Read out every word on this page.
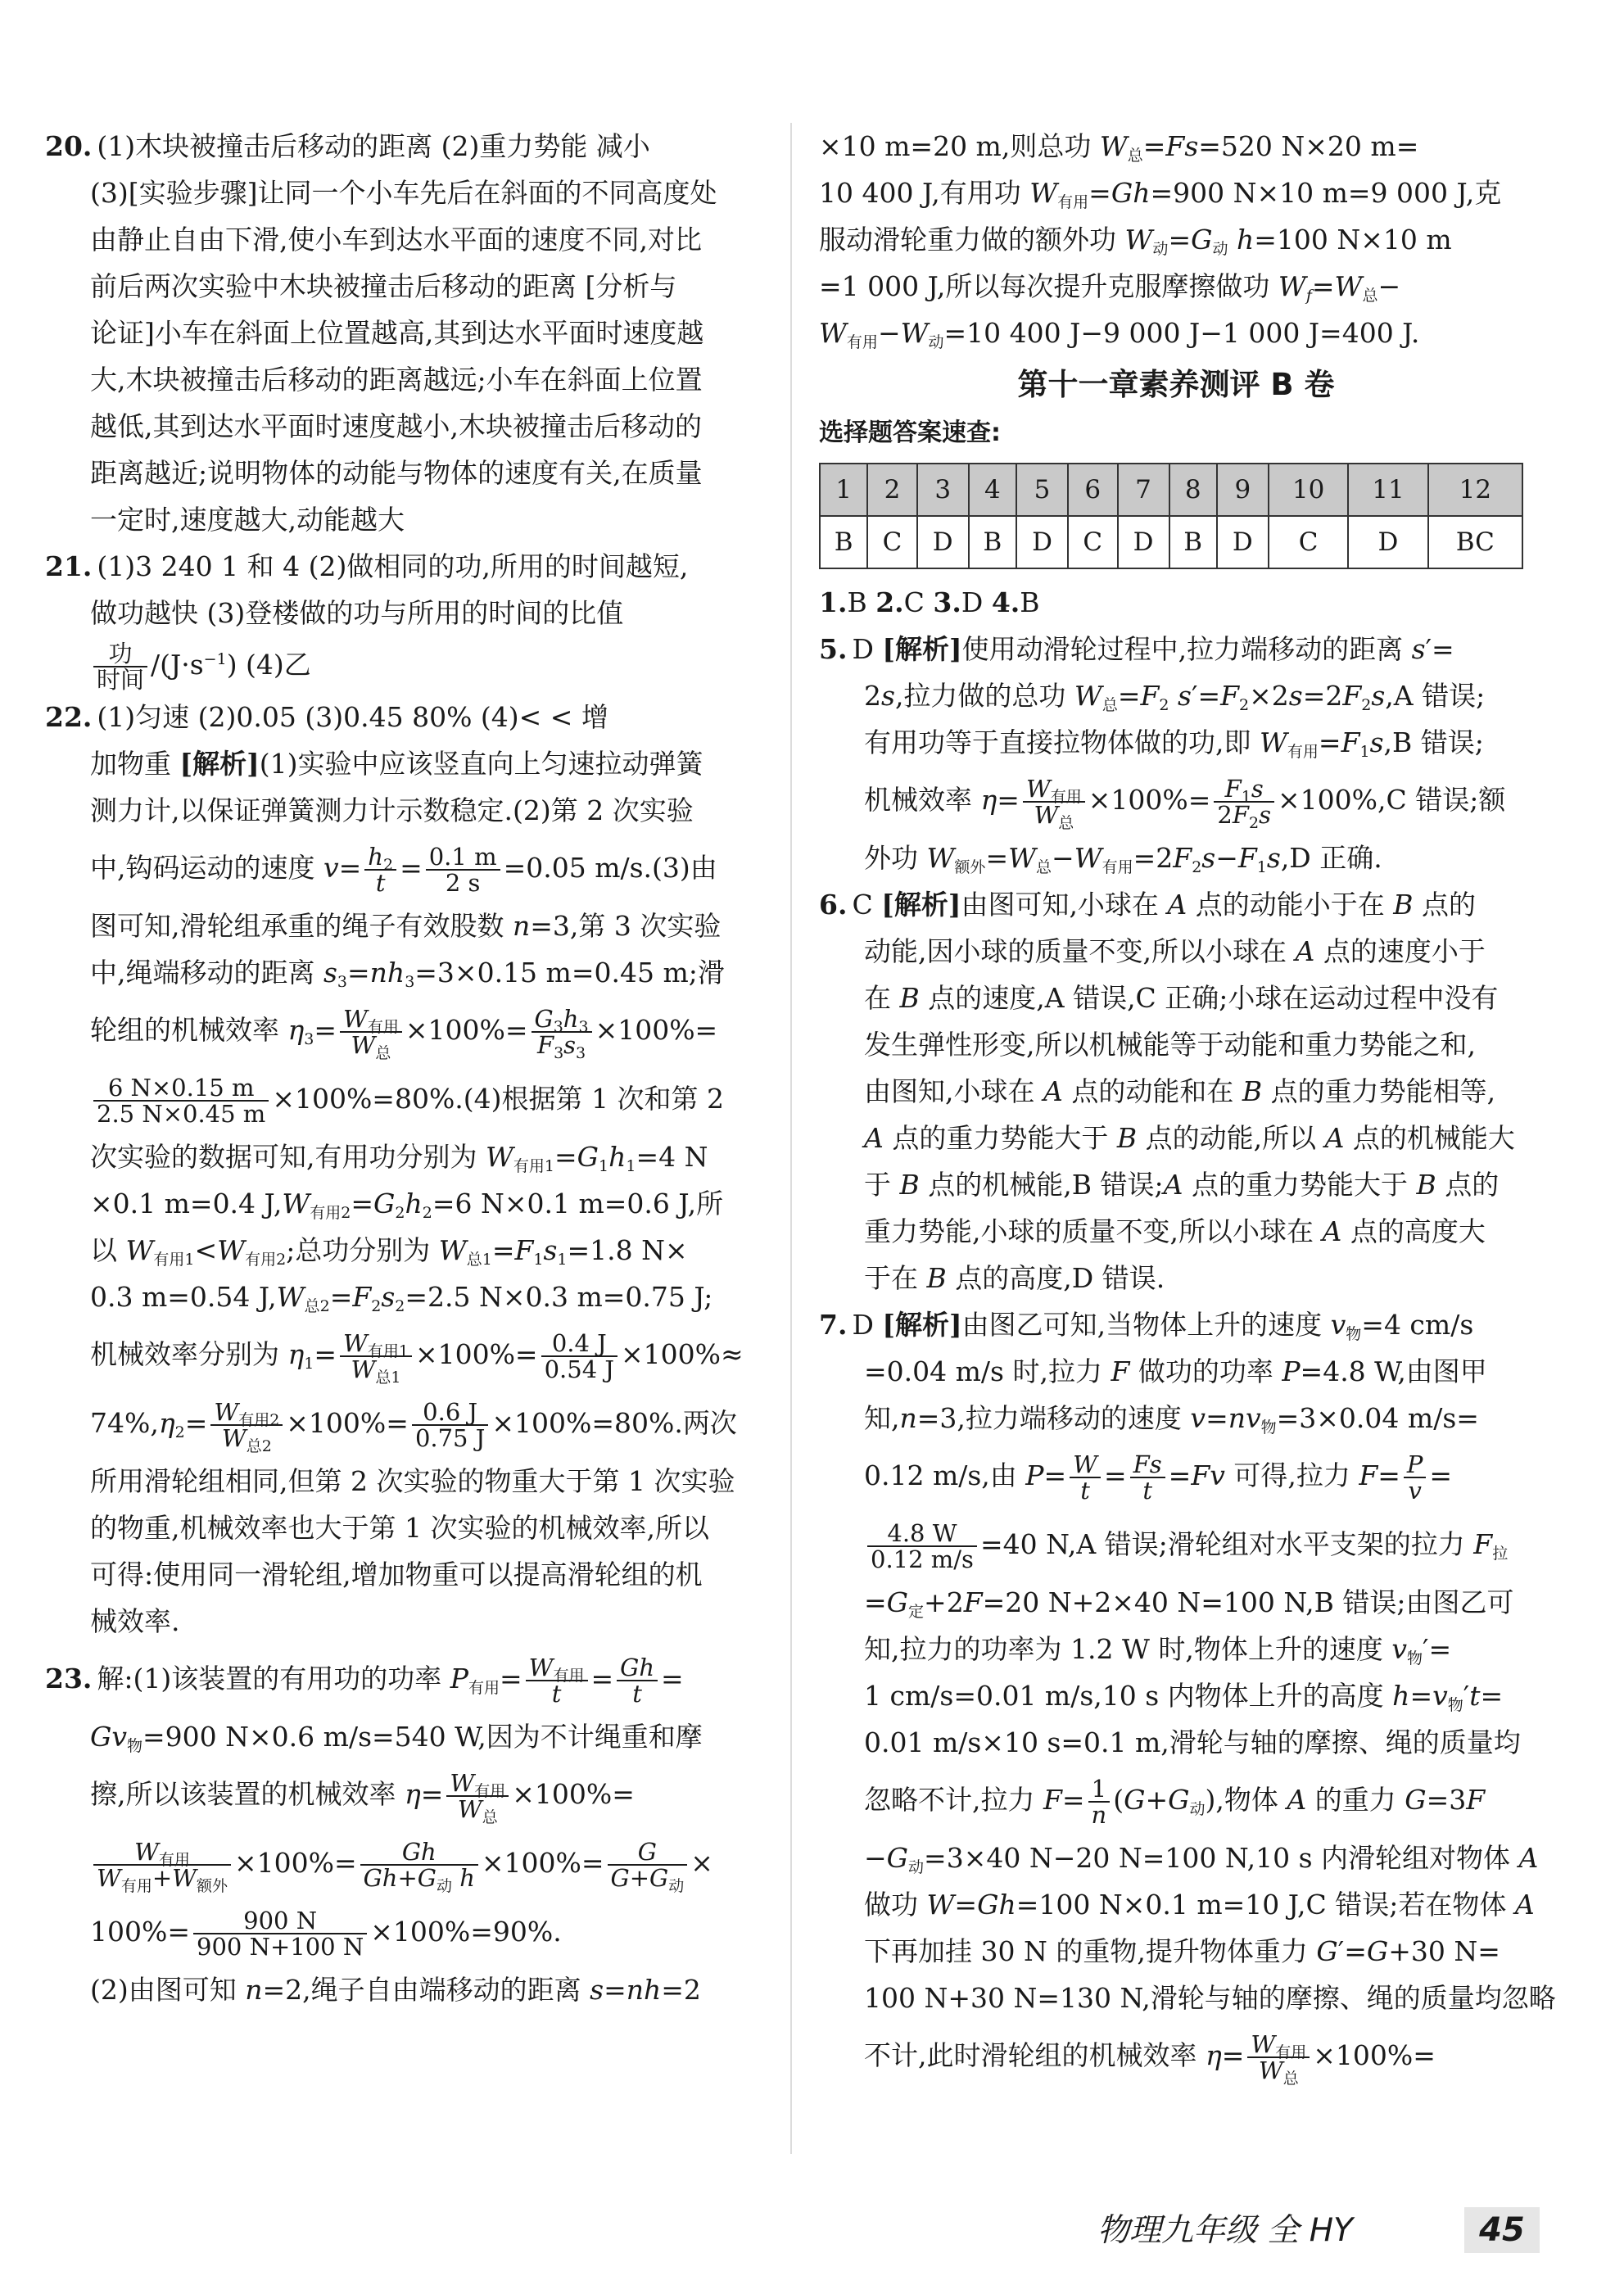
20. (1)木块被撞击后移动的距离 (2)重力势能 减小
(3)[实验步骤]让同一个小车先后在斜面的不同高度处
由静止自由下滑,使小车到达水平面的速度不同,对比
前后两次实验中木块被撞击后移动的距离 [分析与
论证]小车在斜面上位置越高,其到达水平面时速度越
大,木块被撞击后移动的距离越远;小车在斜面上位置
越低,其到达水平面时速度越小,木块被撞击后移动的
距离越近;说明物体的动能与物体的速度有关,在质量
一定时,速度越大,动能越大
21. (1)3 240 1 和 4 (2)做相同的功,所用的时间越短,
做功越快 (3)登楼做的功与所用的时间的比值
$\frac{\text{功}}{\text{时间}} /(J\cdot s^{-1})$ (4)乙
22. (1)匀速 (2)0.05 (3)0.45 80% (4)< < 增
加物重 [解析](1)实验中应该竖直向上匀速拉动弹簧
测力计,以保证弹簧测力计示数稳定.(2)第 2 次实验
中,钩码运动的速度 $v= \frac{h_2}{t} = \frac{0.1 m}{2 s} =0.05$ m/s.(3)由
图可知,滑轮组承重的绳子有效股数 n=3,第 3 次实验
中,绳端移动的距离 $s_3=nh_3=3\times 0.15$ m=0.45 m;滑
轮组的机械效率 $\eta_3= \frac{W_{有用}}{W_总} \times 100\%= \frac{G_3h_3}{F_3s_3} \times 100\%=$
$\frac{6 N\times 0.15 m}{2.5 N\times 0.45 m} \times 100\%=80\%.(4)$根据第 1 次和第 2
次实验的数据可知,有用功分别为 $W_{有用1}=G_1h_1=4$ N
×0.1 m=0.4 $J,W_{有用2}=G_2h_2=6$ N×0.1 m=0.6 J,所
以 $W_{有用1}<W_{有用2}$;总功分别为 $W_{总1}=F_1s_1=1.8$ N×
0.3 m=0.54 $J,W_{总2}=F_2s_2=2.5$ N×0.3 m=0.75 J;
机械效率分别为 $\eta_1= \frac{W_{有用1}}{W_{总1}} \times 100\%= \frac{0.4 J}{0.54 J} \times 100\%\approx$
$74\%,\eta_2= \frac{W_{有用2}}{W_{总2}} \times 100\%= \frac{0.6 J}{0.75 J} \times 100\%=80\%$.两次
所用滑轮组相同,但第 2 次实验的物重大于第 1 次实验
的物重,机械效率也大于第 1 次实验的机械效率,所以
可得:使用同一滑轮组,增加物重可以提高滑轮组的机
械效率.
23. 解:(1)该装置的有用功的功率 $P_{有用}= \frac{W_{有用}}{t} = \frac{Gh}{t}$ =
$Gv_物=900$ N×0.6 m/s=540 W,因为不计绳重和摩
擦,所以该装置的机械效率 $\eta= \frac{W_{有用}}{W_总} \times 100\%=$
$\frac{W_{有用}}{W_{有用}+W_{额外}} \times 100\%= \frac{Gh}{Gh+G_动 h} \times 100\%= \frac{G}{G+G_动}$ ×
$100\%= \frac{900 N}{900 N+100 N} \times 100\%=90\%$.
(2)由图可知 n=2,绳子自由端移动的距离 s=nh=2
×10 m=20 m,则总功 $W_总=Fs=520$ N×20 m=
10 400 J,有用功 $W_{有用}=Gh=900$ N×10 m=9 000 J,克
服动滑轮重力做的额外功 $W_动=G_动$ h=100 N×10 m
=1 000 J,所以每次提升克服摩擦做功 $W_f=W_总-$
$W_{有用}-W_动=10$ 400 J−9 000 J−1 000 J=400 J.
第十一章素养测评 B 卷
选择题答案速查:
1	2	3	4	5	6	7	8	9	10	11	12
B	C	D	B	D	C	D	B	D	C	D	BC
1.B 2.C 3.D 4.B
5. D [解析]使用动滑轮过程中,拉力端移动的距离 s′=
2s,拉力做的总功 $W_总=F_2$ $s'=F_2\times 2s=2F_2s,A$ 错误;
有用功等于直接拉物体做的功,即 $W_{有用}=F_1s,B$ 错误;
机械效率 $\eta= \frac{W_{有用}}{W_总} \times 100\%= \frac{F_1s}{2F_2s} \times 100\%,C$ 错误;额
外功 $W_{额外}=W_总-W_{有用}=2F_2s-F_1s,D$ 正确.
6. C [解析]由图可知,小球在 A 点的动能小于在 B 点的
动能,因小球的质量不变,所以小球在 A 点的速度小于
在 B 点的速度,A 错误,C 正确;小球在运动过程中没有
发生弹性形变,所以机械能等于动能和重力势能之和,
由图知,小球在 A 点的动能和在 B 点的重力势能相等,
A 点的重力势能大于 B 点的动能,所以 A 点的机械能大
于 B 点的机械能,B 错误;A 点的重力势能大于 B 点的
重力势能,小球的质量不变,所以小球在 A 点的高度大
于在 B 点的高度,D 错误.
7. D [解析]由图乙可知,当物体上升的速度 $v_物=4$ cm/s
=0.04 m/s 时,拉力 F 做功的功率 P=4.8 W,由图甲
知,n=3,拉力端移动的速度 $v=nv_物=3\times 0.04$ m/s=
0.12 m/s,由 $P= \frac{W}{t} = \frac{Fs}{t} =Fv$ 可得,拉力 $F= \frac{P}{v}$ =
$\frac{4.8 W}{0.12 m/s} =40$ N,A 错误;滑轮组对水平支架的拉力 $F_拉$
$=G_定+2F=20$ N+2×40 N=100 N,B 错误;由图乙可
知,拉力的功率为 1.2 W 时,物体上升的速度 $v_物'=$
1 cm/s=0.01 m/s,10 s 内物体上升的高度 $h=v_物't=$
0.01 m/s×10 s=0.1 m,滑轮与轴的摩擦、绳的质量均
忽略不计,拉力 $F= \frac{1}{n} (G+G_动)$,物体 A 的重力 G=3F
$-G_动=3\times 40$ N−20 N=100 N,10 s 内滑轮组对物体 A
做功 W=Gh=100 N×0.1 m=10 J,C 错误;若在物体 A
下再加挂 30 N 的重物,提升物体重力 G′=G+30 N=
100 N+30 N=130 N,滑轮与轴的摩擦、绳的质量均忽略
不计,此时滑轮组的机械效率 $\eta= \frac{W_{有用}}{W_总} \times 100\%=$
物理九年级 全 HY	45
